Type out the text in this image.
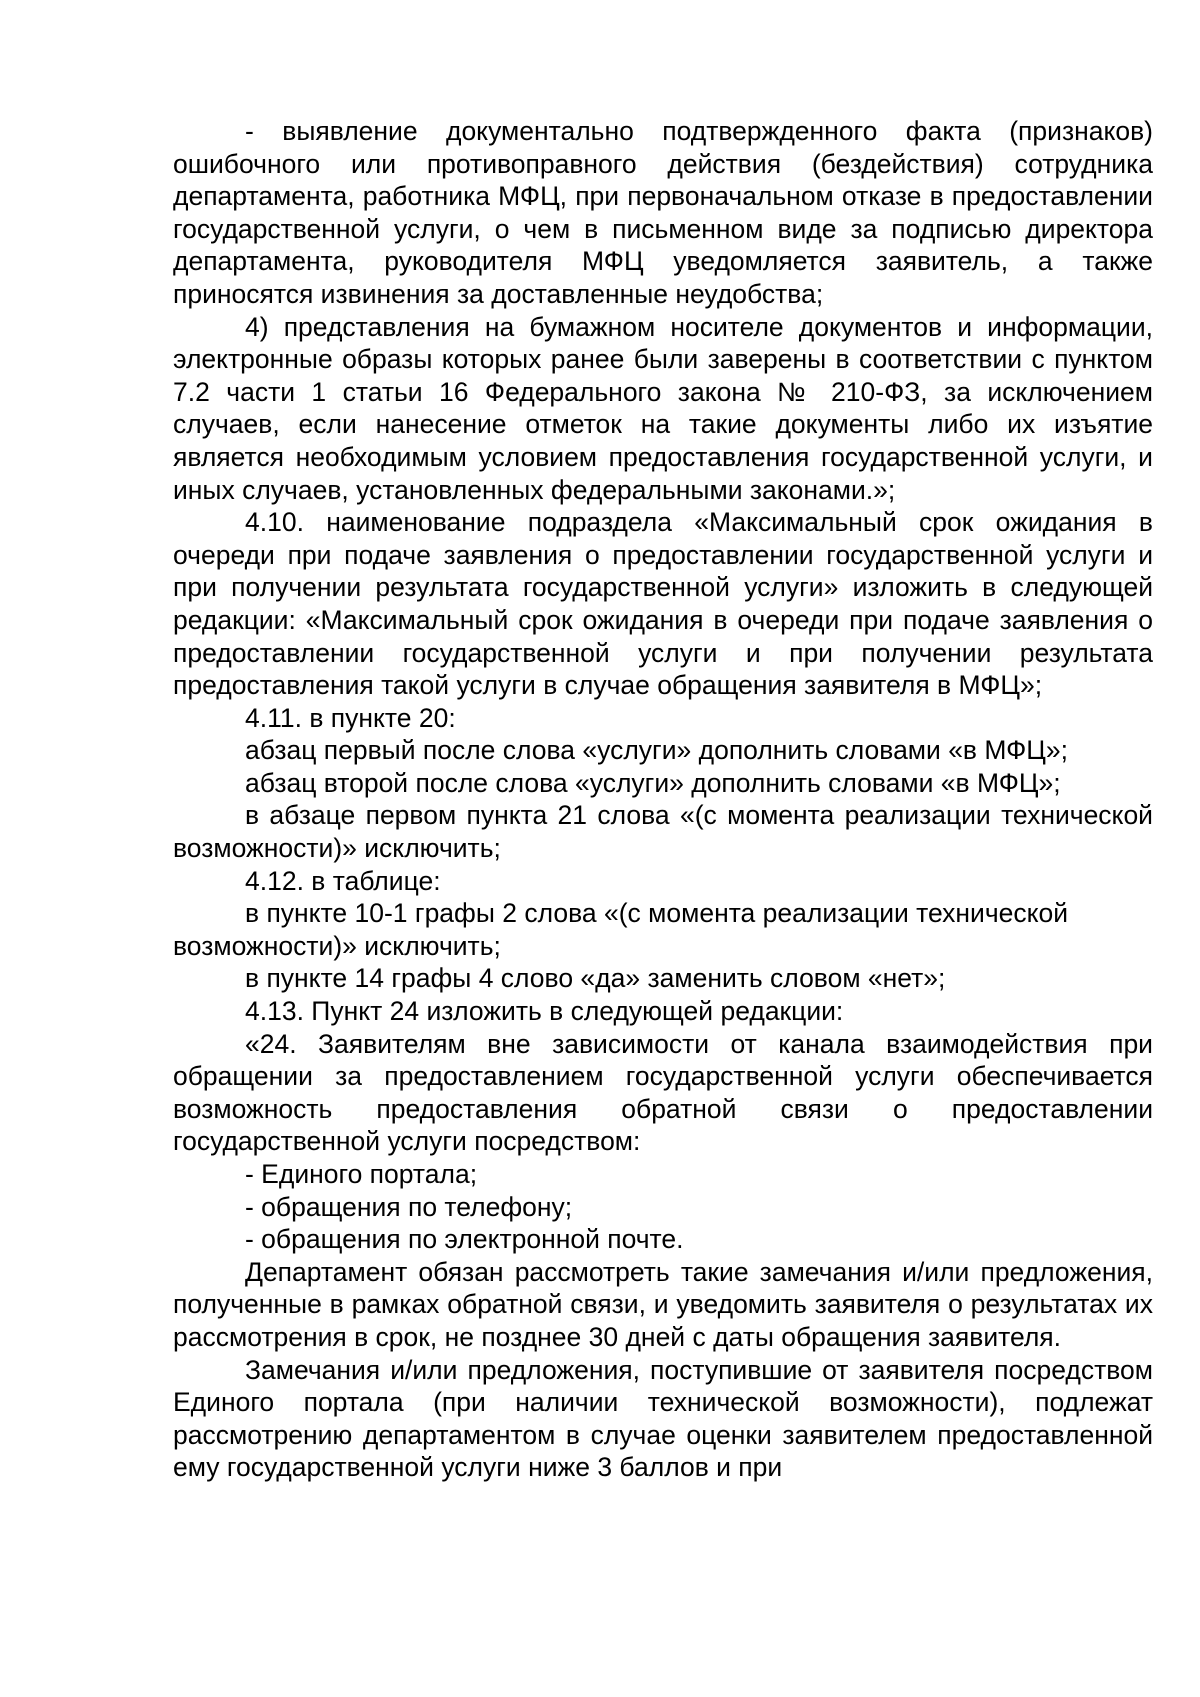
- выявление документально подтвержденного факта (признаков) ошибочного или противоправного действия (бездействия) сотрудника департамента, работника МФЦ, при первоначальном отказе в предоставлении государственной услуги, о чем в письменном виде за подписью директора департамента, руководителя МФЦ уведомляется заявитель, а также приносятся извинения за доставленные неудобства;

4) представления на бумажном носителе документов и информации, электронные образы которых ранее были заверены в соответствии с пунктом 7.2 части 1 статьи 16 Федерального закона № 210-ФЗ, за исключением случаев, если нанесение отметок на такие документы либо их изъятие является необходимым условием предоставления государственной услуги, и иных случаев, установленных федеральными законами.»;

4.10. наименование подраздела «Максимальный срок ожидания в очереди при подаче заявления о предоставлении государственной услуги и при получении результата государственной услуги» изложить в следующей редакции: «Максимальный срок ожидания в очереди при подаче заявления о предоставлении государственной услуги и при получении результата предоставления такой услуги в случае обращения заявителя в МФЦ»;

4.11. в пункте 20:

абзац первый после слова «услуги» дополнить словами «в МФЦ»;

абзац второй после слова «услуги» дополнить словами «в МФЦ»;

в абзаце первом пункта 21 слова «(с момента реализации технической возможности)» исключить;

4.12. в таблице:

в пункте 10-1 графы 2 слова «(с момента реализации технической возможности)» исключить;

в пункте 14 графы 4 слово «да» заменить словом «нет»;

4.13. Пункт 24 изложить в следующей редакции:

«24. Заявителям вне зависимости от канала взаимодействия при обращении за предоставлением государственной услуги обеспечивается возможность предоставления обратной связи о предоставлении государственной услуги посредством:

- Единого портала;

- обращения по телефону;

- обращения по электронной почте.

Департамент обязан рассмотреть такие замечания и/или предложения, полученные в рамках обратной связи, и уведомить заявителя о результатах их рассмотрения в срок, не позднее 30 дней с даты обращения заявителя.

Замечания и/или предложения, поступившие от заявителя посредством Единого портала (при наличии технической возможности), подлежат рассмотрению департаментом в случае оценки заявителем предоставленной ему государственной услуги ниже 3 баллов и при
